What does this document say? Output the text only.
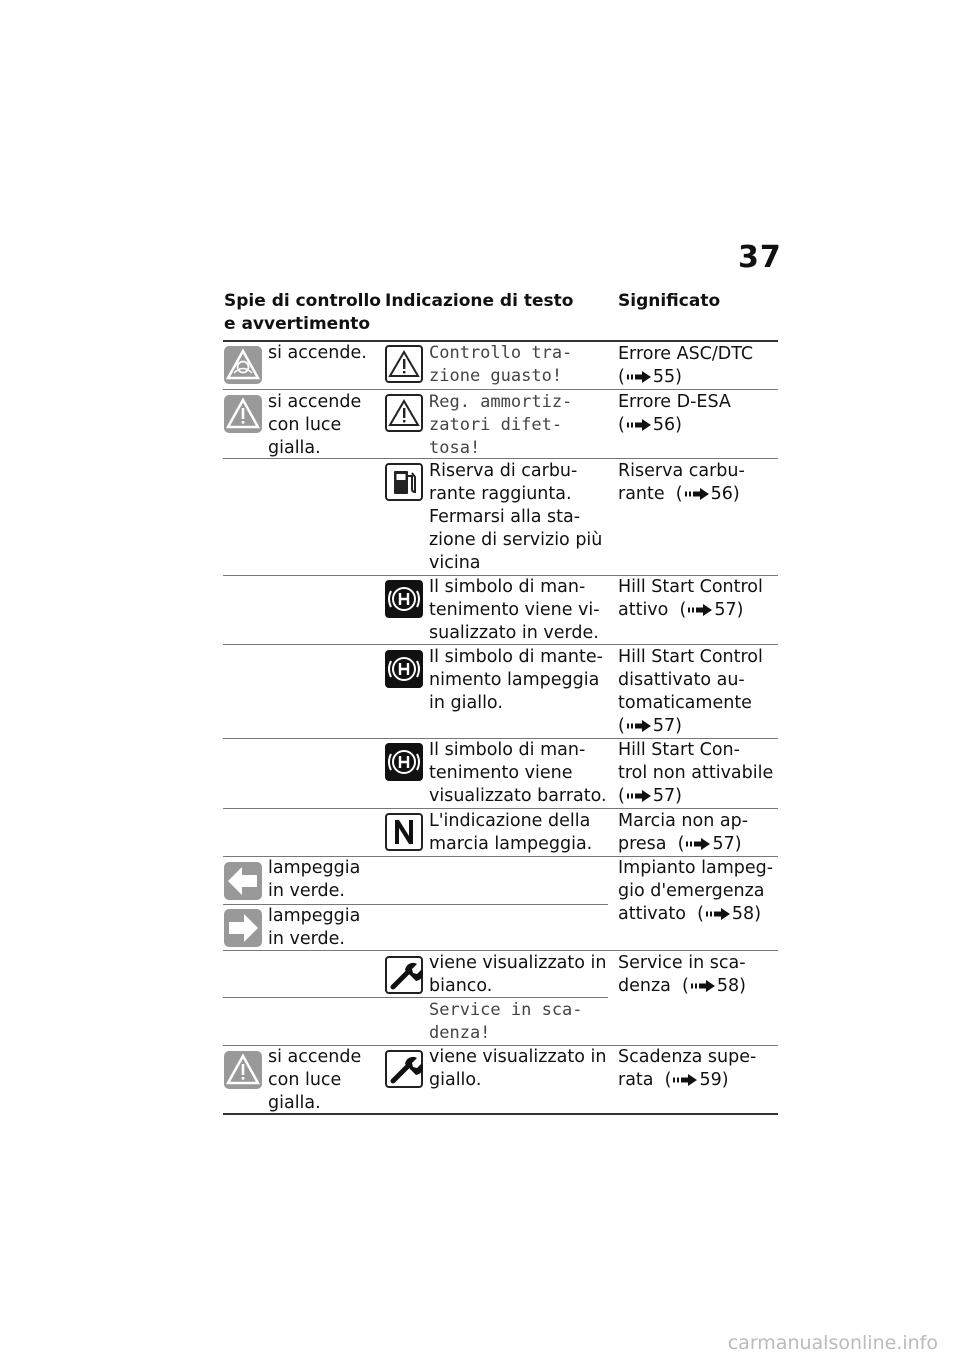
37
Spie di controllo
e avvertimento
Indicazione di testo	Significato
si accende.	Controllo tra-
zione guasto!
Errore ASC/DTC
( 55)
si accende
con luce
gialla.
Reg. ammortiz-
zatori difet-
tosa!
Errore D-ESA
( 56)
Riserva di carbu-
rante raggiunta.
Fermarsi alla sta-
zione di servizio più
vicina
Riserva carbu-
rante  ( 56)
Il simbolo di man-
tenimento viene vi-
sualizzato in verde.
Hill Start Control
attivo  ( 57)
Il simbolo di mante-
nimento lampeggia
in giallo.
Hill Start Control
disattivato au-
tomaticamente
( 57)
Il simbolo di man-
tenimento viene
visualizzato barrato.
Hill Start Con-
trol non attivabile
( 57)
L'indicazione della
marcia lampeggia.
Marcia non ap-
presa  ( 57)
lampeggia
in verde.
lampeggia
in verde.
Impianto lampeg-
gio d'emergenza
attivato  ( 58)
viene visualizzato in
bianco.
Service in sca-
denza!
Service in sca-
denza  ( 58)
si accende
con luce
gialla.
viene visualizzato in
giallo.
Scadenza supe-
rata  ( 59)
carmanualsonline.info
